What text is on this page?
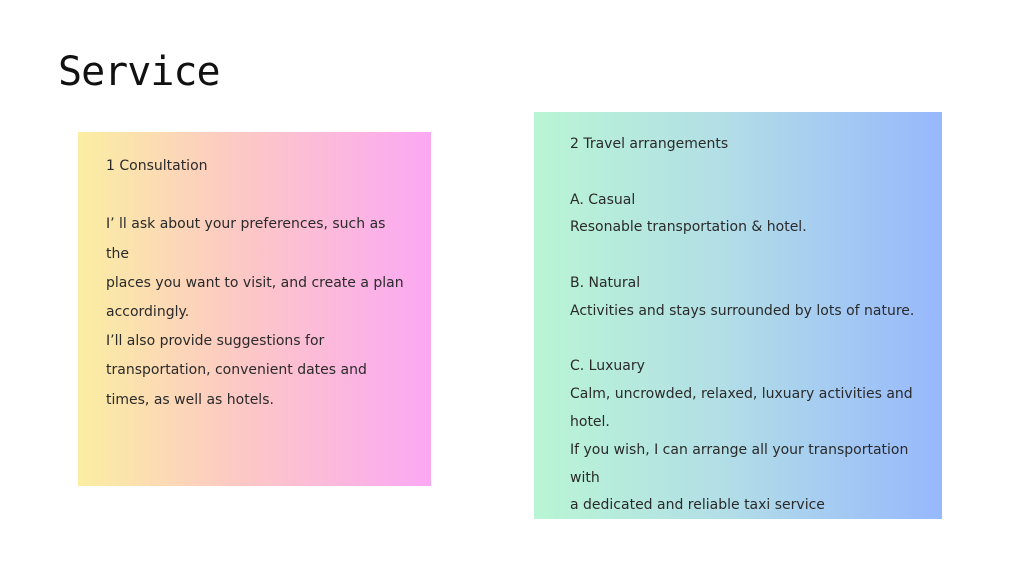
Service

1 Consultation

I’ ll ask about your preferences, such as the

places you want to visit, and create a plan

accordingly.

I’ll also provide suggestions for

transportation, convenient dates and

times, as well as hotels.

2 Travel arrangements

A. Casual

Resonable transportation & hotel.

B. Natural

Activities and stays surrounded by lots of nature.

C. Luxuary

Calm, uncrowded, relaxed, luxuary activities and

hotel.

If you wish, I can arrange all your transportation with

a dedicated and reliable taxi service
